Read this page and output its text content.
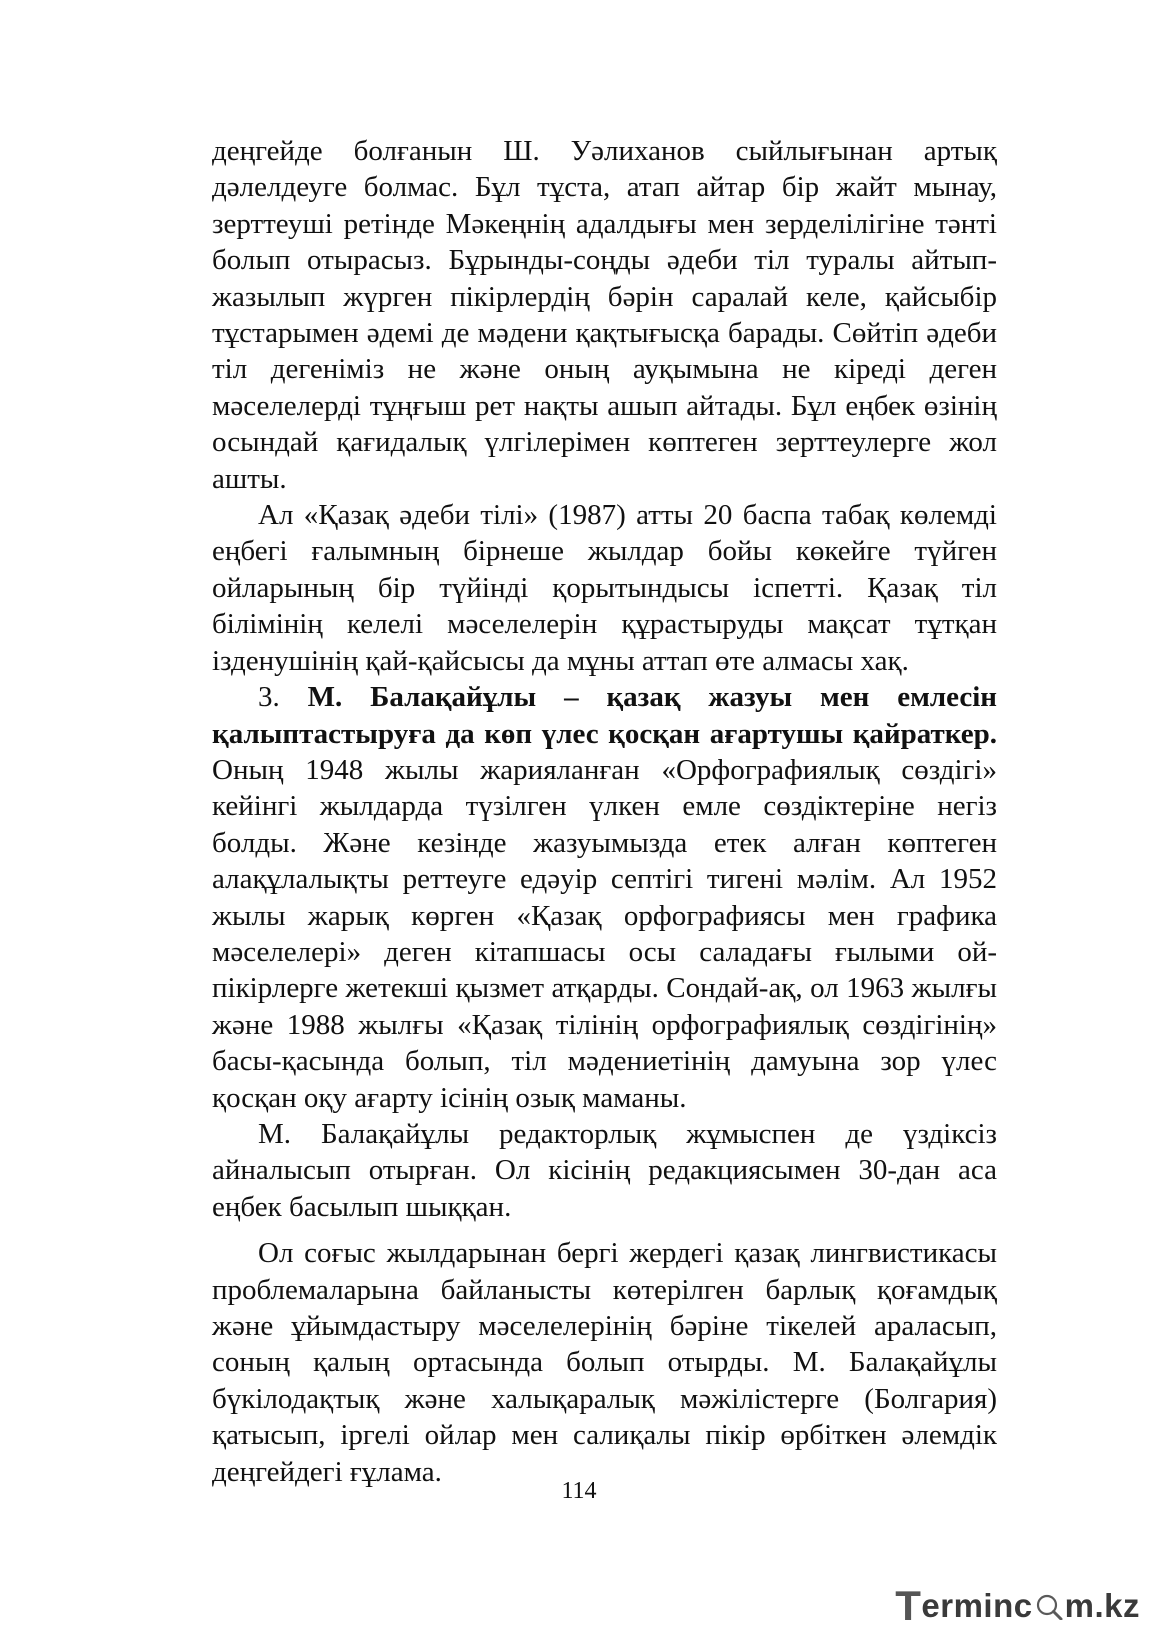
деңгейде болғанын Ш. Уәлиханов сыйлығынан артық дәлелдеуге болмас. Бұл тұста, атап айтар бір жайт мынау, зерттеуші ретінде Мәкеңнің адалдығы мен зерделілігіне тәнті болып отырасыз. Бұрынды-соңды әдеби тіл туралы айтып-жазылып жүрген пікірлердің бәрін саралай келе, қайсыбір тұстарымен әдемі де мәдени қақтығысқа барады. Сөйтіп әдеби тіл дегеніміз не және оның ауқымына не кіреді деген мәселелерді тұңғыш рет нақты ашып айтады. Бұл еңбек өзінің осындай қағидалық үлгілерімен көптеген зерттеулерге жол ашты.

Ал «Қазақ әдеби тілі» (1987) атты 20 баспа табақ көлемді еңбегі ғалымның бірнеше жылдар бойы көкейге түйген ойларының бір түйінді қорытындысы іспетті. Қазақ тіл білімінің келелі мәселелерін құрастыруды мақсат тұтқан ізденушінің қай-қайсысы да мұны аттап өте алмасы хақ.

3. М. Балақайұлы – қазақ жазуы мен емлесін қалыптастыруға да көп үлес қосқан ағартушы қайраткер. Оның 1948 жылы жарияланған «Орфографиялық сөздігі» кейінгі жылдарда түзілген үлкен емле сөздіктеріне негіз болды. Және кезінде жазуымызда етек алған көптеген алақұлалықты реттеуге едәуір септігі тигені мәлім. Ал 1952 жылы жарық көрген «Қазақ орфографиясы мен графика мәселелері» деген кітапшасы осы саладағы ғылыми ой-пікірлерге жетекші қызмет атқарды. Сондай-ақ, ол 1963 жылғы және 1988 жылғы «Қазақ тілінің орфографиялық сөздігінің» басы-қасында болып, тіл мәдениетінің дамуына зор үлес қосқан оқу ағарту ісінің озық маманы.

М. Балақайұлы редакторлық жұмыспен де үздіксіз айналысып отырған. Ол кісінің редакциясымен 30-дан аса еңбек басылып шыққан.

Ол соғыс жылдарынан бергі жердегі қазақ лингвистикасы проблемаларына байланысты көтерілген барлық қоғамдық және ұйымдастыру мәселелерінің бәріне тікелей араласып, соның қалың ортасында болып отырды. М. Балақайұлы бүкілодақтық және халықаралық мәжілістерге (Болгария) қатысып, іргелі ойлар мен салиқалы пікір өрбіткен әлемдік деңгейдегі ғұлама.

114
T ermin c m.kz
